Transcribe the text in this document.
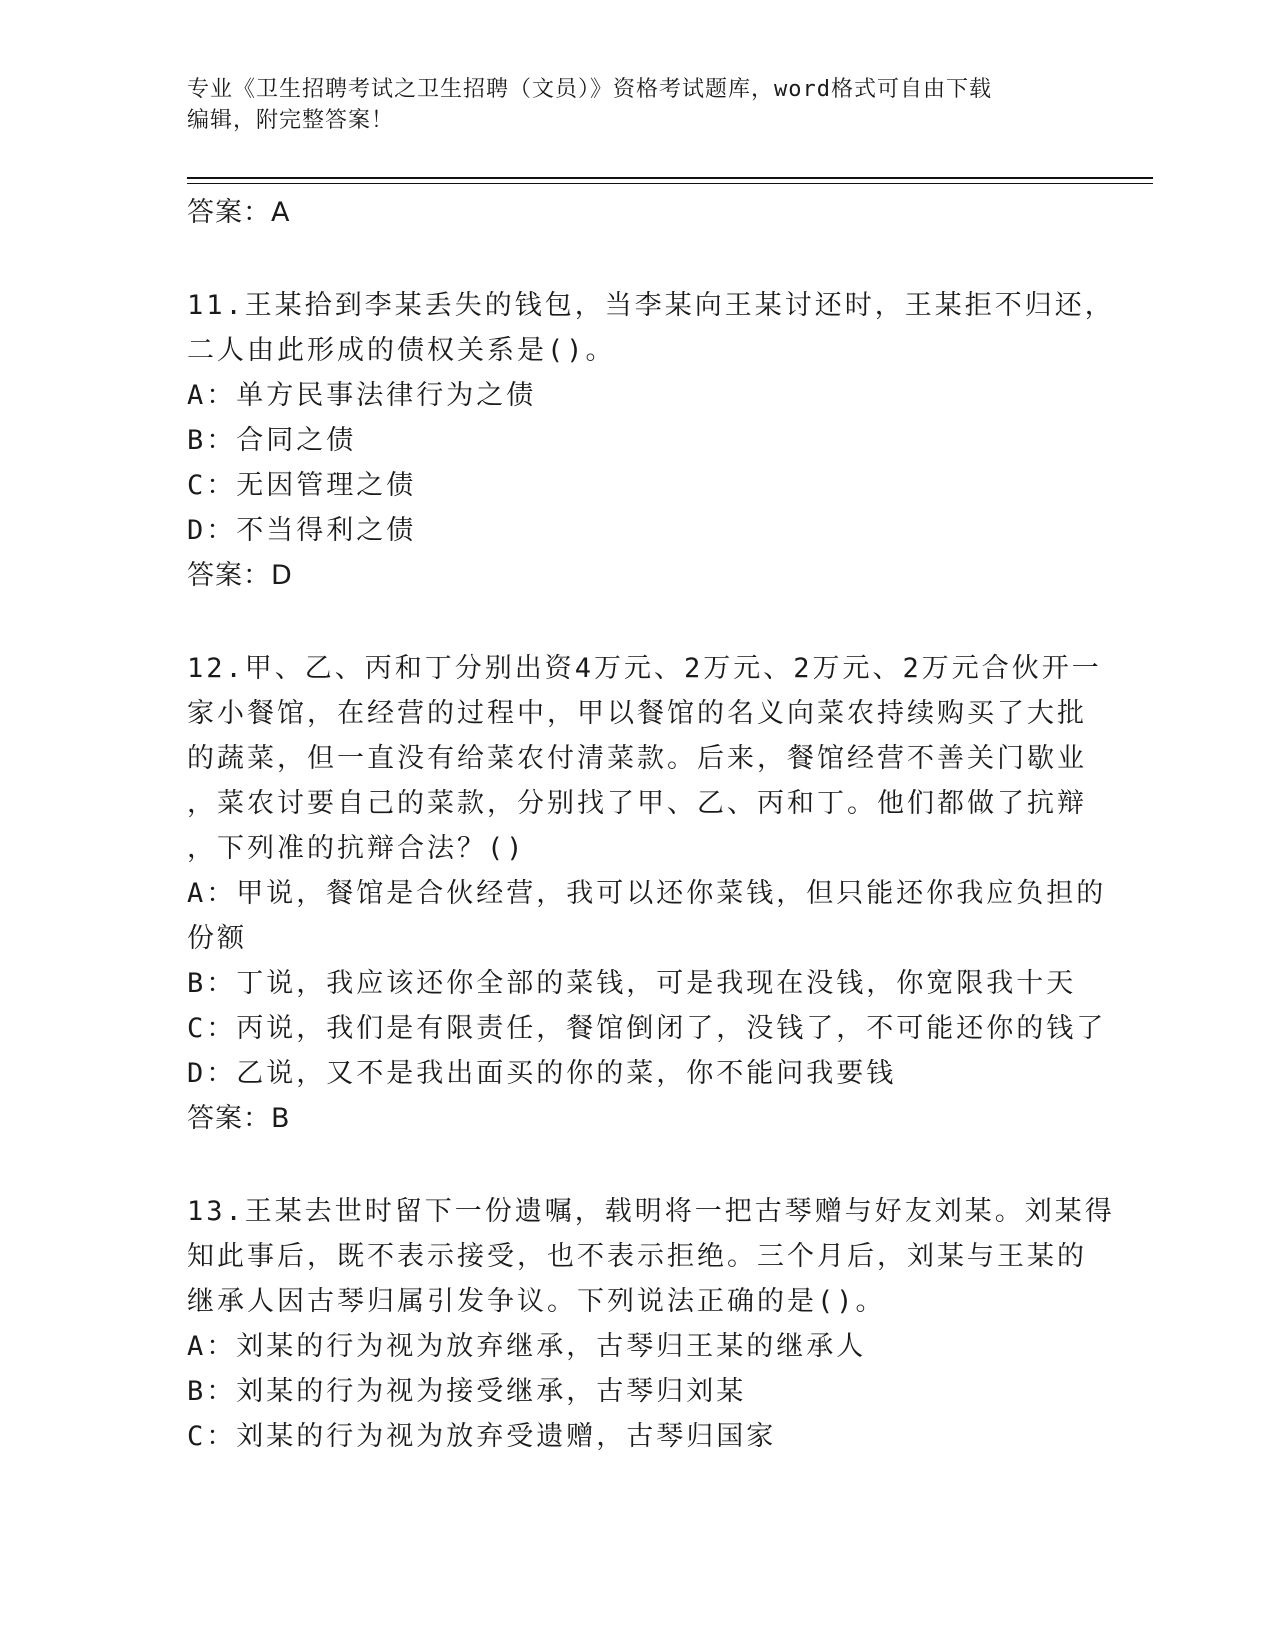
专业《卫生招聘考试之卫生招聘（文员）》资格考试题库，word格式可自由下载
编辑，附完整答案！
答案：A
11.王某拾到李某丢失的钱包，当李某向王某讨还时，王某拒不归还，
二人由此形成的债权关系是()。
A：单方民事法律行为之债
B：合同之债
C：无因管理之债
D：不当得利之债
答案：D
12.甲、乙、丙和丁分别出资4万元、2万元、2万元、2万元合伙开一
家小餐馆，在经营的过程中，甲以餐馆的名义向菜农持续购买了大批
的蔬菜，但一直没有给菜农付清菜款。后来，餐馆经营不善关门歇业
，菜农讨要自己的菜款，分别找了甲、乙、丙和丁。他们都做了抗辩
，下列准的抗辩合法？()
A：甲说，餐馆是合伙经营，我可以还你菜钱，但只能还你我应负担的
份额
B：丁说，我应该还你全部的菜钱，可是我现在没钱，你宽限我十天
C：丙说，我们是有限责任，餐馆倒闭了，没钱了，不可能还你的钱了
D：乙说，又不是我出面买的你的菜，你不能问我要钱
答案：B
13.王某去世时留下一份遗嘱，载明将一把古琴赠与好友刘某。刘某得
知此事后，既不表示接受，也不表示拒绝。三个月后，刘某与王某的
继承人因古琴归属引发争议。下列说法正确的是()。
A：刘某的行为视为放弃继承，古琴归王某的继承人
B：刘某的行为视为接受继承，古琴归刘某
C：刘某的行为视为放弃受遗赠，古琴归国家
